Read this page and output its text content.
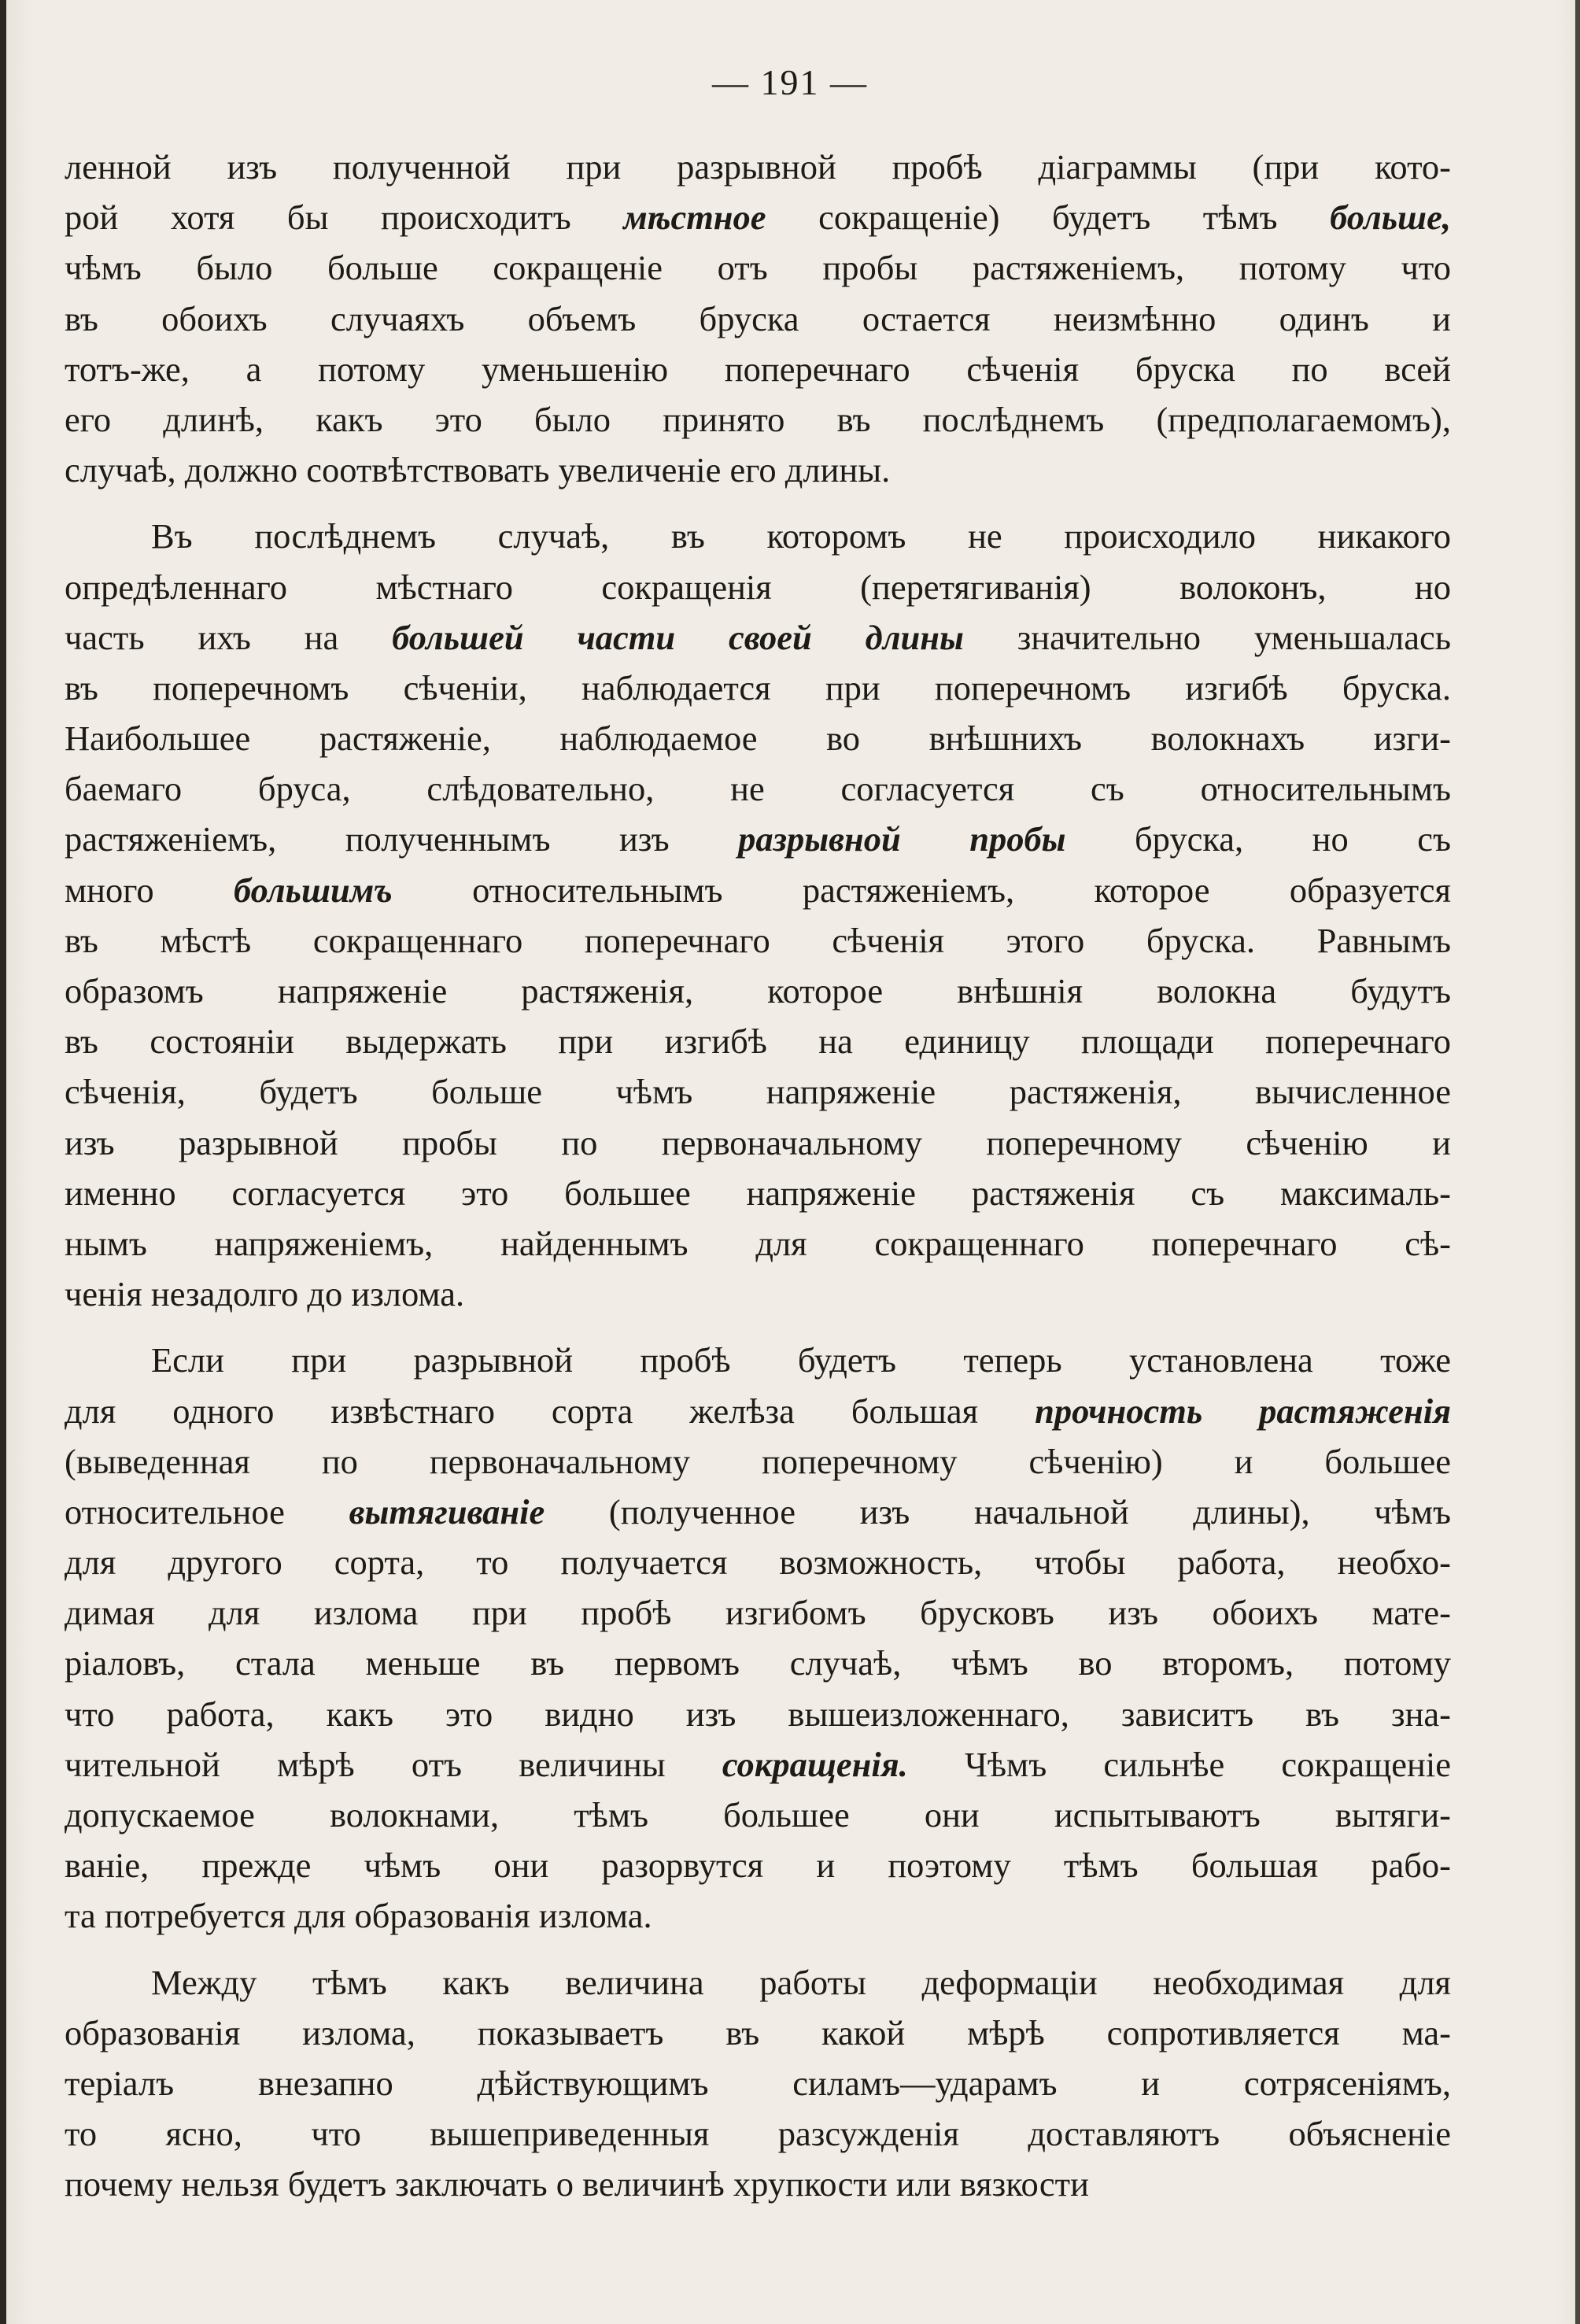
— 191 —
ленной изъ полученной при разрывной пробѣ діаграммы (при кото-
рой хотя бы происходитъ мѣстное сокращеніе) будетъ тѣмъ больше,
чѣмъ было больше сокращеніе отъ пробы растяженіемъ, потому что
въ обоихъ случаяхъ объемъ бруска остается неизмѣнно одинъ и
тотъ-же, а потому уменьшенію поперечнаго сѣченія бруска по всей
его длинѣ, какъ это было принято въ послѣднемъ (предполагаемомъ),
случаѣ, должно соотвѣтствовать увеличеніе его длины.
Въ послѣднемъ случаѣ, въ которомъ не происходило никакого
опредѣленнаго мѣстнаго сокращенія (перетягиванія) волоконъ, но
часть ихъ на большей части своей длины значительно уменьшалась
въ поперечномъ сѣченіи, наблюдается при поперечномъ изгибѣ бруска.
Наибольшее растяженіе, наблюдаемое во внѣшнихъ волокнахъ изги-
баемаго бруса, слѣдовательно, не согласуется съ относительнымъ
растяженіемъ, полученнымъ изъ разрывной пробы бруска, но съ
много большимъ относительнымъ растяженіемъ, которое образуется
въ мѣстѣ сокращеннаго поперечнаго сѣченія этого бруска. Равнымъ
образомъ напряженіе растяженія, которое внѣшнія волокна будутъ
въ состояніи выдержать при изгибѣ на единицу площади поперечнаго
сѣченія, будетъ больше чѣмъ напряженіе растяженія, вычисленное
изъ разрывной пробы по первоначальному поперечному сѣченію и
именно согласуется это большее напряженіе растяженія съ максималь-
нымъ напряженіемъ, найденнымъ для сокращеннаго поперечнаго сѣ-
ченія незадолго до излома.
Если при разрывной пробѣ будетъ теперь установлена тоже
для одного извѣстнаго сорта желѣза большая прочность растяженія
(выведенная по первоначальному поперечному сѣченію) и большее
относительное вытягиваніе (полученное изъ начальной длины), чѣмъ
для другого сорта, то получается возможность, чтобы работа, необхо-
димая для излома при пробѣ изгибомъ брусковъ изъ обоихъ мате-
ріаловъ, стала меньше въ первомъ случаѣ, чѣмъ во второмъ, потому
что работа, какъ это видно изъ вышеизложеннаго, зависитъ въ зна-
чительной мѣрѣ отъ величины сокращенія. Чѣмъ сильнѣе сокращеніе
допускаемое волокнами, тѣмъ большее они испытываютъ вытяги-
ваніе, прежде чѣмъ они разорвутся и поэтому тѣмъ большая рабо-
та потребуется для образованія излома.
Между тѣмъ какъ величина работы деформаціи необходимая для
образованія излома, показываетъ въ какой мѣрѣ сопротивляется ма-
теріалъ внезапно дѣйствующимъ силамъ—ударамъ и сотрясеніямъ,
то ясно, что вышеприведенныя разсужденія доставляютъ объясненіе
почему нельзя будетъ заключать о величинѣ хрупкости или вязкости
